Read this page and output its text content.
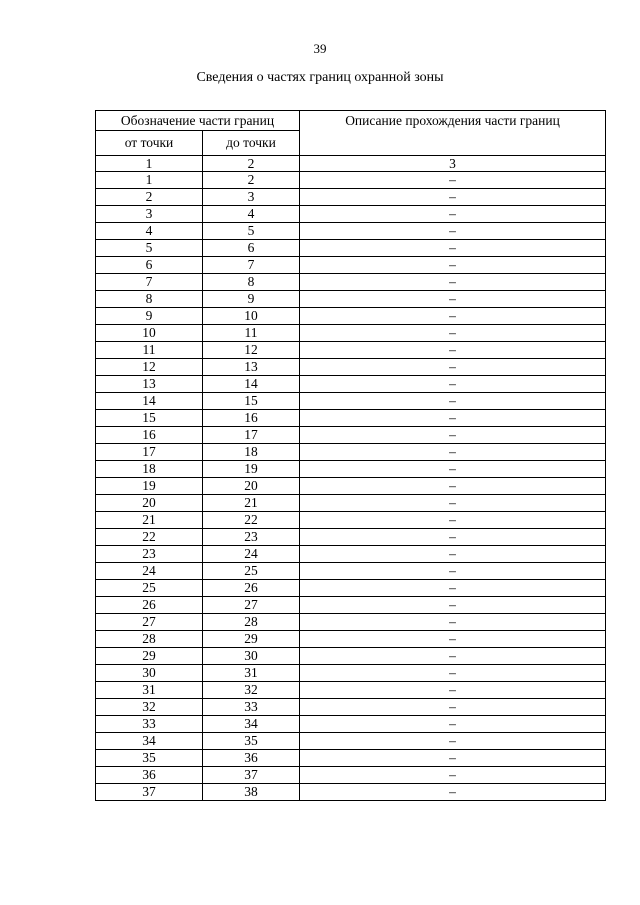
39
Сведения о частях границ охранной зоны
Обозначение части границ		Описание прохождения части границ
от точки	до точки	
1	2	3
1	2	–
2	3	–
3	4	–
4	5	–
5	6	–
6	7	–
7	8	–
8	9	–
9	10	–
10	11	–
11	12	–
12	13	–
13	14	–
14	15	–
15	16	–
16	17	–
17	18	–
18	19	–
19	20	–
20	21	–
21	22	–
22	23	–
23	24	–
24	25	–
25	26	–
26	27	–
27	28	–
28	29	–
29	30	–
30	31	–
31	32	–
32	33	–
33	34	–
34	35	–
35	36	–
36	37	–
37	38	–
